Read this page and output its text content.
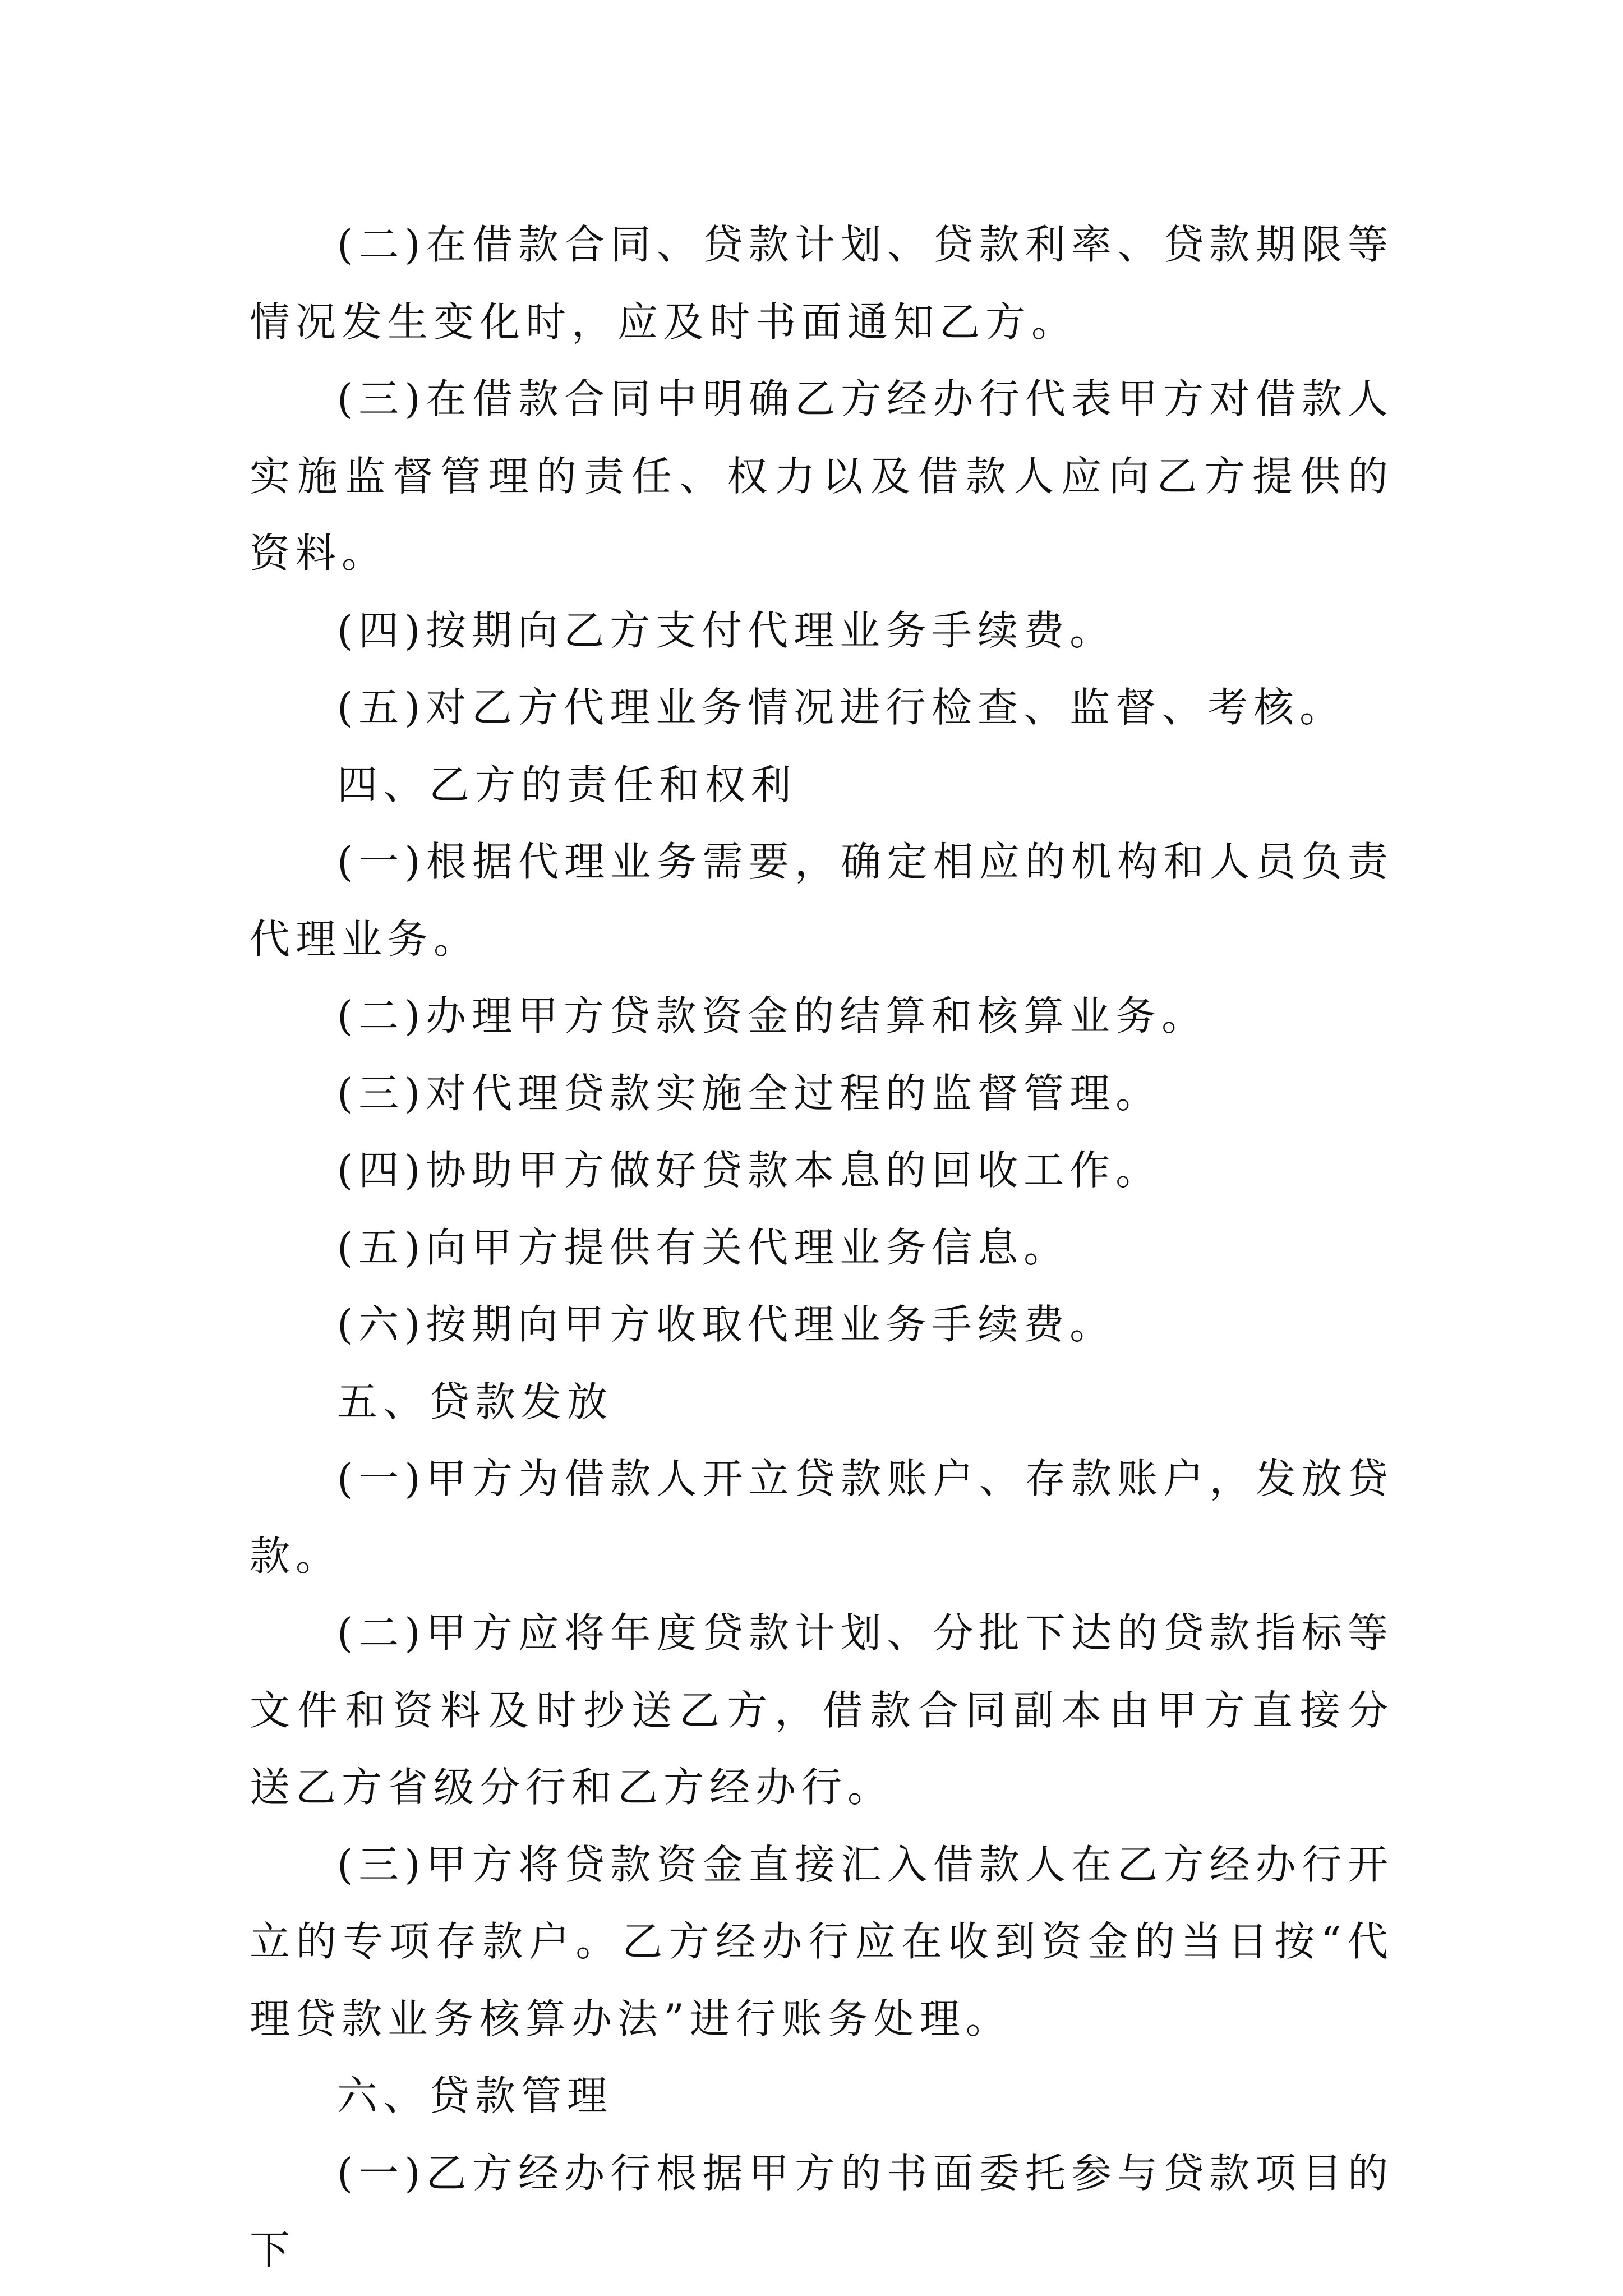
(二)在借款合同、贷款计划、贷款利率、贷款期限等情况发生变化时，应及时书面通知乙方。

(三)在借款合同中明确乙方经办行代表甲方对借款人实施监督管理的责任、权力以及借款人应向乙方提供的资料。

(四)按期向乙方支付代理业务手续费。

(五)对乙方代理业务情况进行检查、监督、考核。

四、乙方的责任和权利

(一)根据代理业务需要，确定相应的机构和人员负责代理业务。

(二)办理甲方贷款资金的结算和核算业务。

(三)对代理贷款实施全过程的监督管理。

(四)协助甲方做好贷款本息的回收工作。

(五)向甲方提供有关代理业务信息。

(六)按期向甲方收取代理业务手续费。

五、贷款发放

(一)甲方为借款人开立贷款账户、存款账户，发放贷款。

(二)甲方应将年度贷款计划、分批下达的贷款指标等文件和资料及时抄送乙方，借款合同副本由甲方直接分送乙方省级分行和乙方经办行。

(三)甲方将贷款资金直接汇入借款人在乙方经办行开立的专项存款户。乙方经办行应在收到资金的当日按“代理贷款业务核算办法”进行账务处理。

六、贷款管理

(一)乙方经办行根据甲方的书面委托参与贷款项目的下
